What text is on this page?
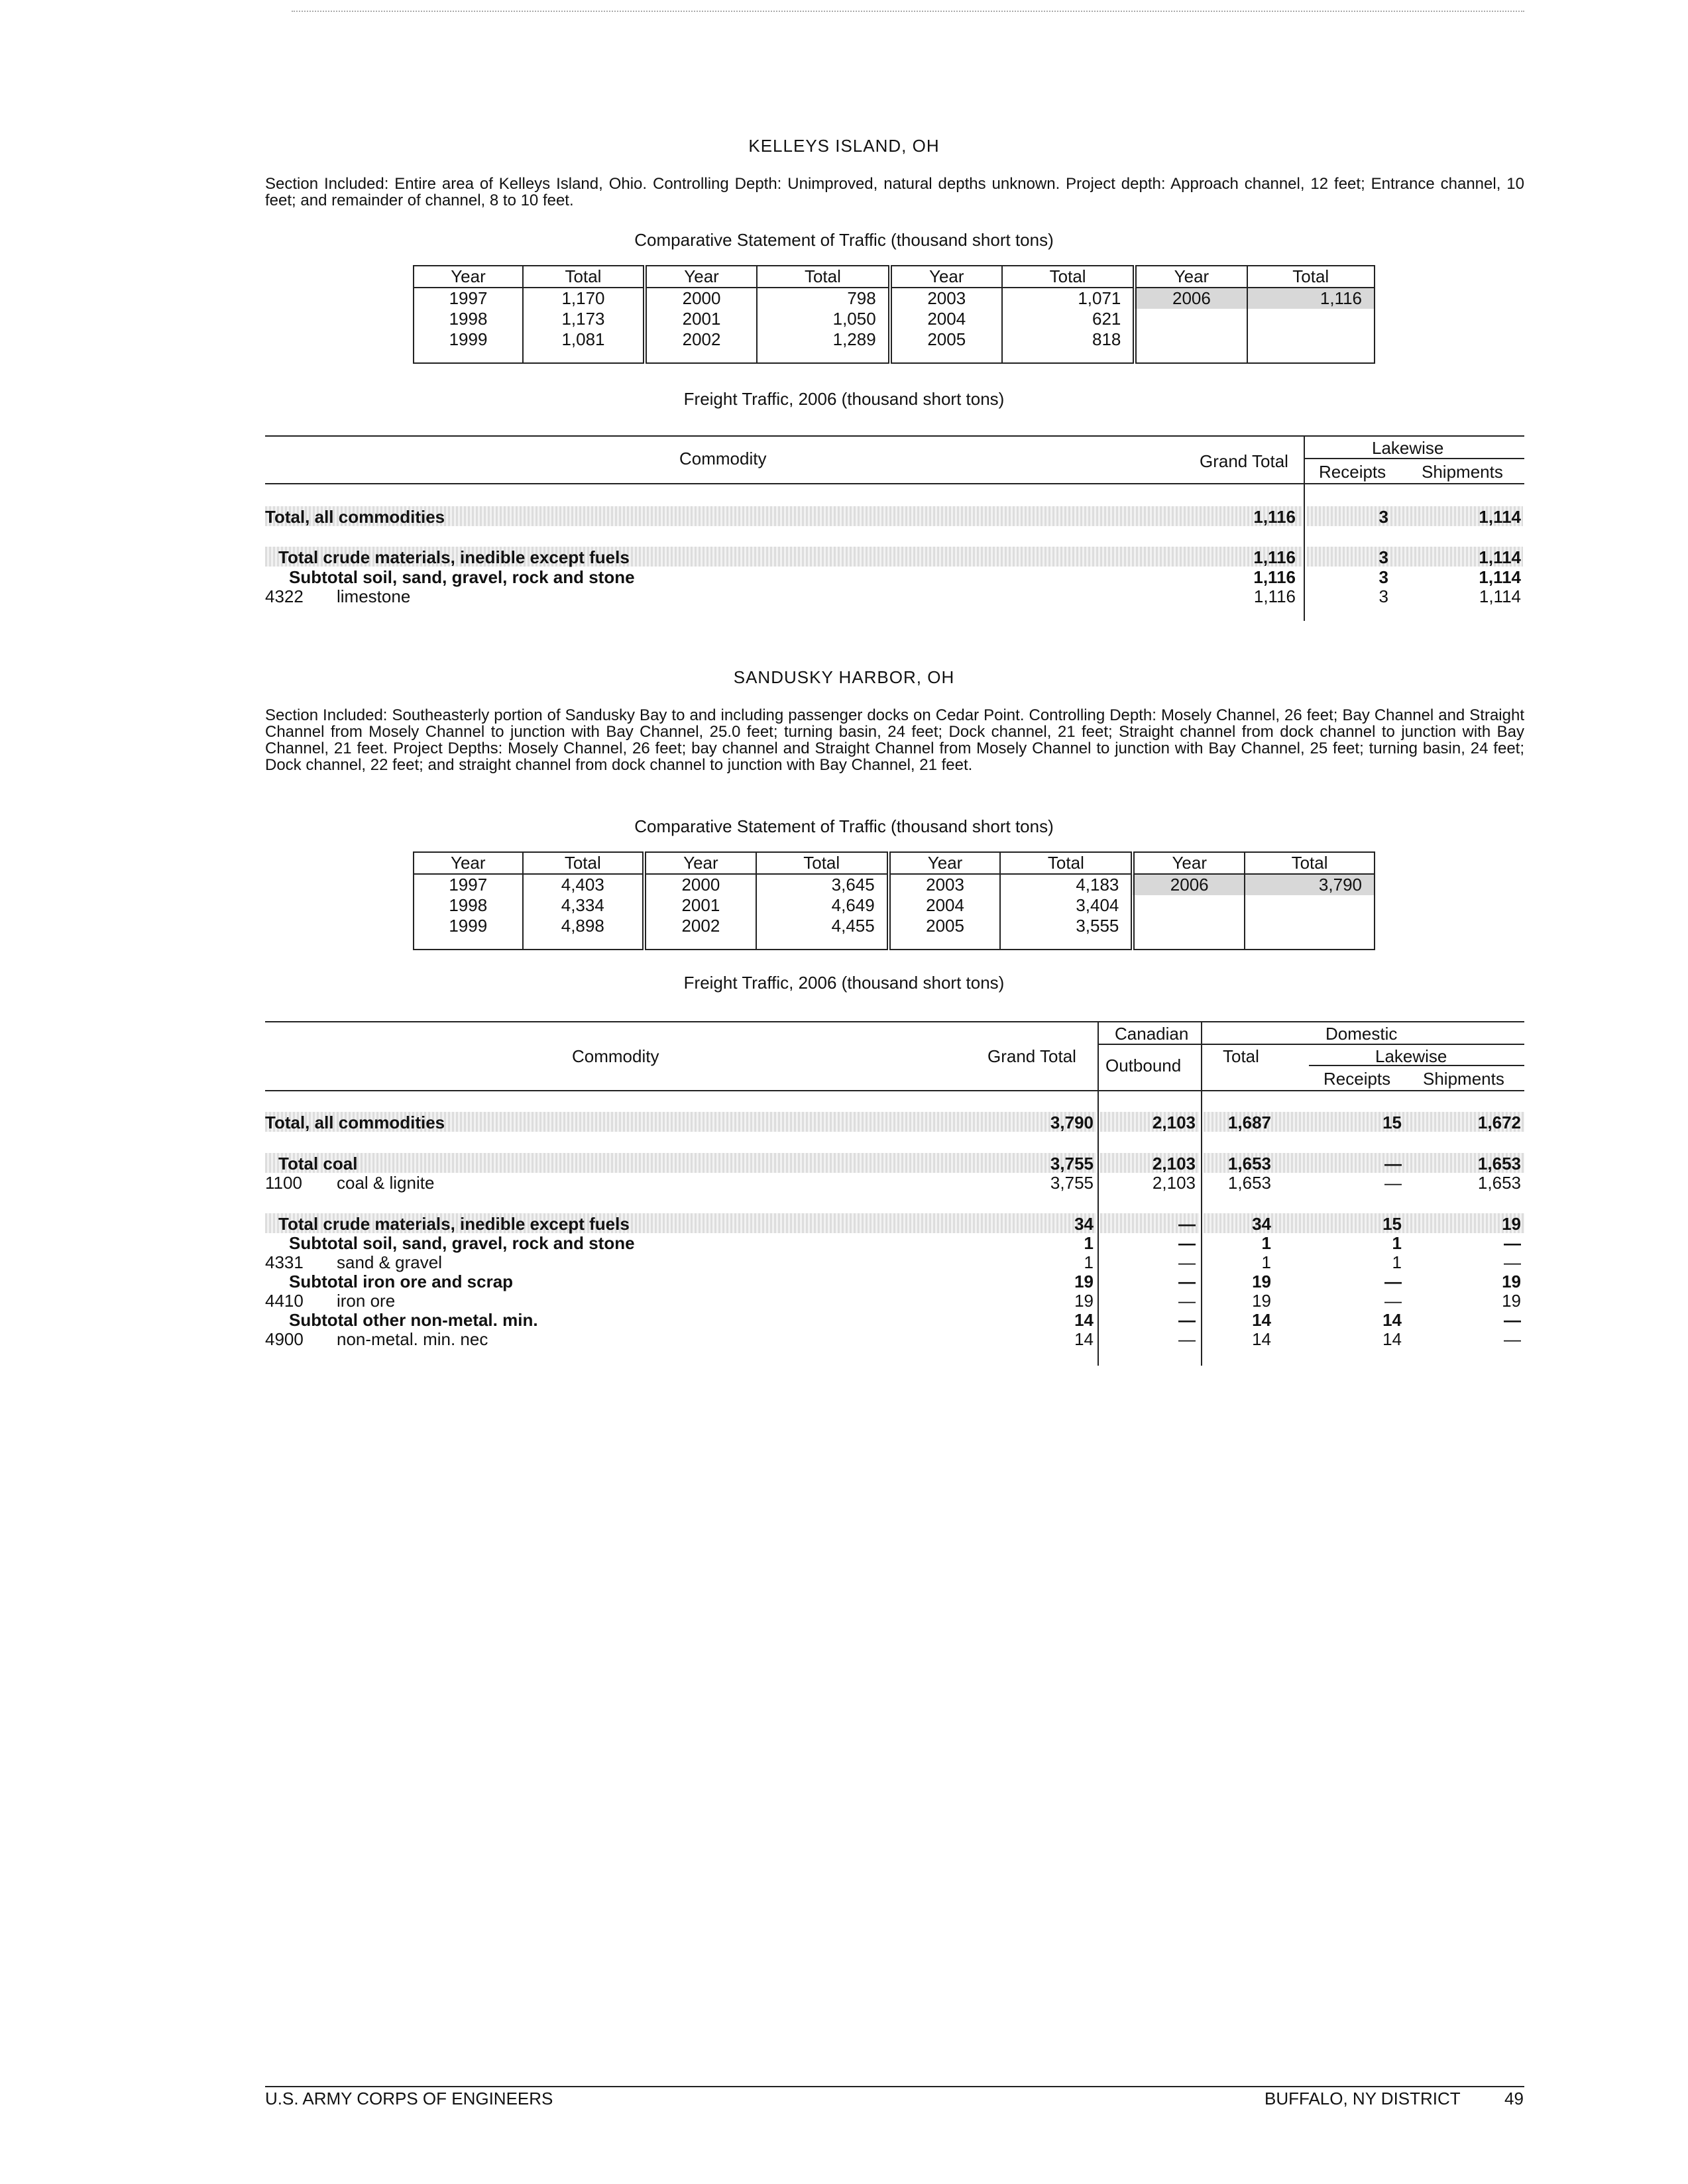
KELLEYS ISLAND, OH
Section Included: Entire area of Kelleys Island, Ohio. Controlling Depth: Unimproved, natural depths unknown. Project depth: Approach channel, 12 feet; Entrance channel, 10 feet; and remainder of channel, 8 to 10 feet.
Comparative Statement of Traffic (thousand short tons)
Year	Total	Year	Total	Year	Total	Year	Total
1997	1,170	2000	798	2003	1,071	2006	1,116
1998	1,173	2001	1,050	2004	621		
1999	1,081	2002	1,289	2005	818		
Freight Traffic, 2006 (thousand short tons)
Commodity	Grand Total
Lakewise
Receipts Shipments
Total, all commodities	1,116	3	1,114
Total crude materials, inedible except fuels	1,116	3	1,114
Subtotal soil, sand, gravel, rock and stone	1,116	3	1,114
4322 limestone	1,116	3	1,114
SANDUSKY HARBOR, OH
Section Included: Southeasterly portion of Sandusky Bay to and including passenger docks on Cedar Point. Controlling Depth: Mosely Channel, 26 feet; Bay Channel and Straight Channel from Mosely Channel to junction with Bay Channel, 25.0 feet; turning basin, 24 feet; Dock channel, 21 feet; Straight channel from dock channel to junction with Bay Channel, 21 feet. Project Depths: Mosely Channel, 26 feet; bay channel and Straight Channel from Mosely Channel to junction with Bay Channel, 25 feet; turning basin, 24 feet; Dock channel, 22 feet; and straight channel from dock channel to junction with Bay Channel, 21 feet.
Comparative Statement of Traffic (thousand short tons)
Year	Total	Year	Total	Year	Total	Year	Total
1997	4,403	2000	3,645	2003	4,183	2006	3,790
1998	4,334	2001	4,649	2004	3,404		
1999	4,898	2002	4,455	2005	3,555		
Freight Traffic, 2006 (thousand short tons)
Commodity	Grand Total
Canadian
Outbound
Domestic
Total	Lakewise
Receipts Shipments
Total, all commodities	3,790	2,103	1,687	15	1,672
Total coal	3,755	2,103	1,653	—	1,653
1100 coal & lignite	3,755	2,103	1,653	—	1,653
Total crude materials, inedible except fuels	34	—	34	15	19
Subtotal soil, sand, gravel, rock and stone	1	—	1	1	—
4331 sand & gravel	1	—	1	1	—
Subtotal iron ore and scrap	19	—	19	—	19
4410 iron ore	19	—	19	—	19
Subtotal other non-metal. min.	14	—	14	14	—
4900 non-metal. min. nec	14	—	14	14	—
U.S. ARMY CORPS OF ENGINEERS	BUFFALO, NY DISTRICT	49
